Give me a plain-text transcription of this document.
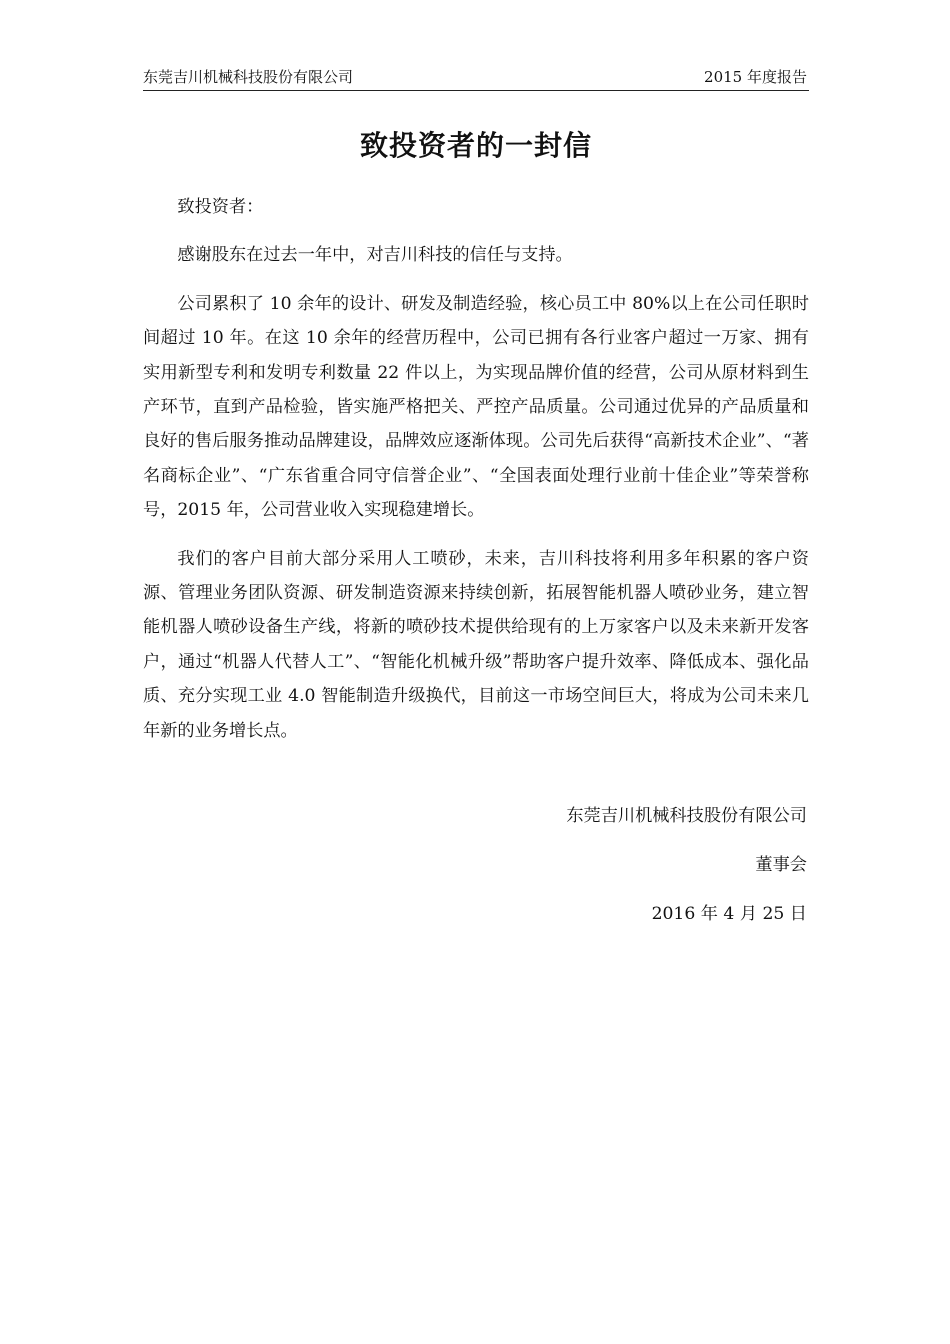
东莞吉川机械科技股份有限公司	2015 年度报告
致投资者的一封信

致投资者：

感谢股东在过去一年中，对吉川科技的信任与支持。

公司累积了 10 余年的设计、研发及制造经验，核心员工中 80%以上在公司任职时间超过 10 年。在这 10 余年的经营历程中，公司已拥有各行业客户超过一万家、拥有实用新型专利和发明专利数量 22 件以上，为实现品牌价值的经营，公司从原材料到生产环节，直到产品检验，皆实施严格把关、严控产品质量。公司通过优异的产品质量和良好的售后服务推动品牌建设，品牌效应逐渐体现。公司先后获得“高新技术企业”、“著名商标企业”、“广东省重合同守信誉企业”、“全国表面处理行业前十佳企业”等荣誉称号，2015 年，公司营业收入实现稳建增长。

我们的客户目前大部分采用人工喷砂，未来，吉川科技将利用多年积累的客户资源、管理业务团队资源、研发制造资源来持续创新，拓展智能机器人喷砂业务，建立智能机器人喷砂设备生产线，将新的喷砂技术提供给现有的上万家客户以及未来新开发客户，通过“机器人代替人工”、“智能化机械升级”帮助客户提升效率、降低成本、强化品质、充分实现工业 4.0 智能制造升级换代，目前这一市场空间巨大，将成为公司未来几年新的业务增长点。

东莞吉川机械科技股份有限公司
董事会
2016 年 4 月 25 日
